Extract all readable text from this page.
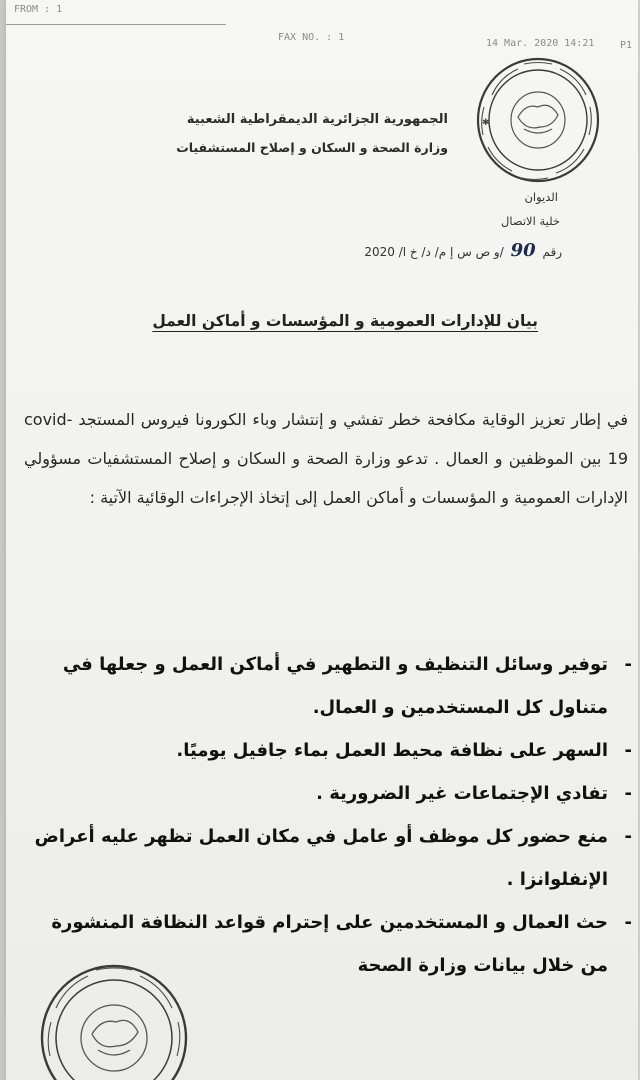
FROM : 1
FAX NO. : 1
14 Mar. 2020 14:21	P1
✱
الجمهورية الجزائرية الديمقراطية الشعبية
وزارة الصحة و السكان و إصلاح المستشفيات
الديوان
خلية الاتصال
رقم 90 /و ص س إ م/ د/ خ ا/ 2020
بيان للإدارات العمومية و المؤسسات و أماكن العمل
في إطار تعزيز الوقاية مكافحة خطر تفشي و إنتشار وباء الكورونا فيروس المستجد covid-19 بين الموظفين و العمال . تدعو وزارة الصحة و السكان و إصلاح المستشفيات مسؤولي الإدارات العمومية و المؤسسات و أماكن العمل إلى إتخاذ الإجراءات الوقائية الآتية :
-
توفير وسائل التنظيف و التطهير في أماكن العمل و جعلها في متناول كل المستخدمين و العمال.
-
السهر على نظافة محيط العمل بماء جافيل يوميًا.
-
تفادي الإجتماعات غير الضرورية .
-
منع حضور كل موظف أو عامل في مكان العمل تظهر عليه أعراض الإنفلوانزا .
-
حث العمال و المستخدمين على إحترام قواعد النظافة المنشورة من خلال بيانات وزارة الصحة
